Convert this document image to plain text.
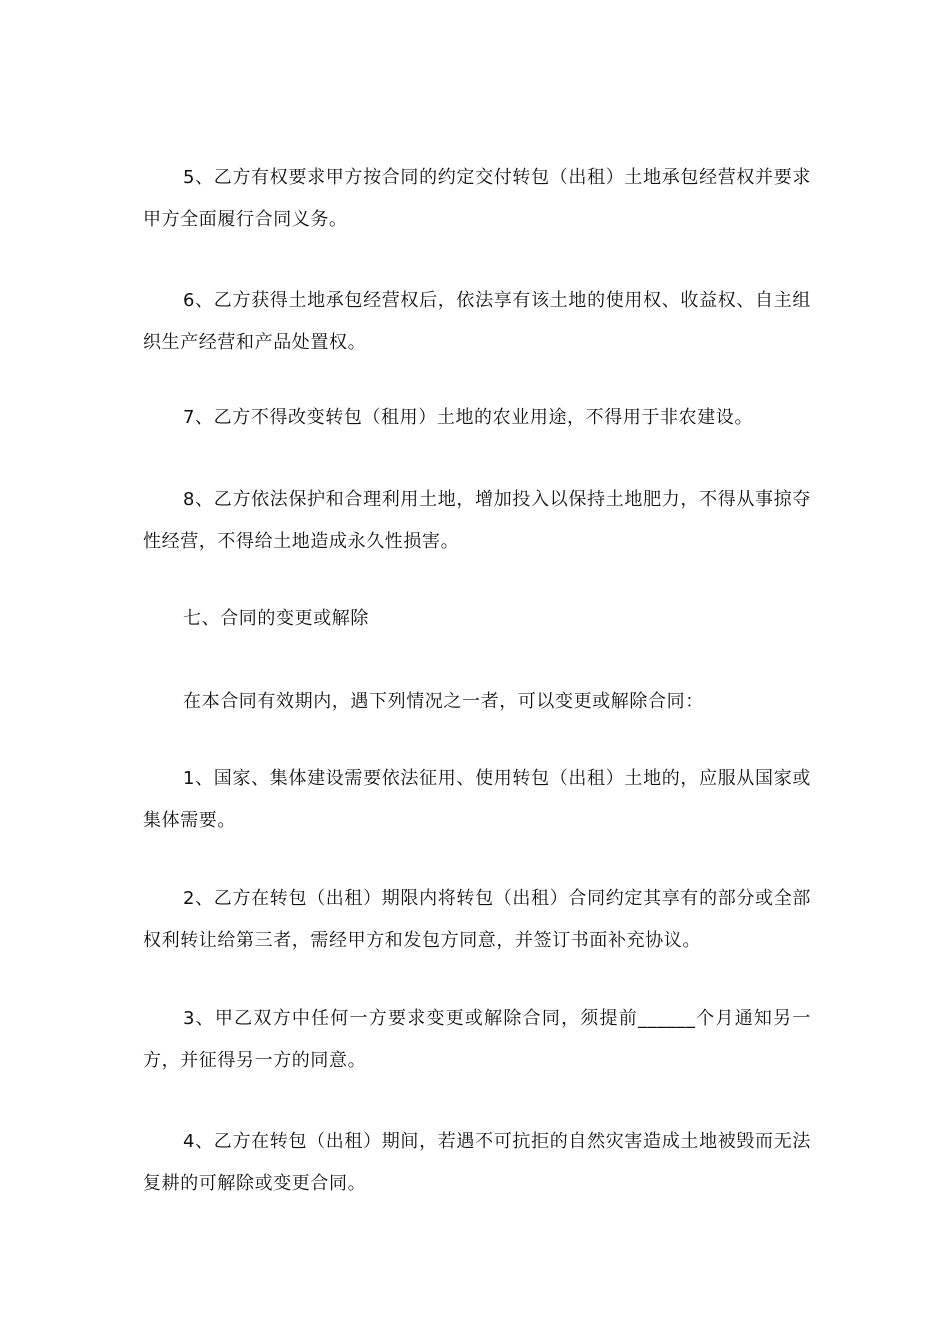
5、乙方有权要求甲方按合同的约定交付转包（出租）土地承包经营权并要求甲方全面履行合同义务。

6、乙方获得土地承包经营权后，依法享有该土地的使用权、收益权、自主组织生产经营和产品处置权。

7、乙方不得改变转包（租用）土地的农业用途，不得用于非农建设。

8、乙方依法保护和合理利用土地，增加投入以保持土地肥力，不得从事掠夺性经营，不得给土地造成永久性损害。

七、合同的变更或解除

在本合同有效期内，遇下列情况之一者，可以变更或解除合同：

1、国家、集体建设需要依法征用、使用转包（出租）土地的，应服从国家或集体需要。

2、乙方在转包（出租）期限内将转包（出租）合同约定其享有的部分或全部权利转让给第三者，需经甲方和发包方同意，并签订书面补充协议。

3、甲乙双方中任何一方要求变更或解除合同，须提前______个月通知另一方，并征得另一方的同意。

4、乙方在转包（出租）期间，若遇不可抗拒的自然灾害造成土地被毁而无法复耕的可解除或变更合同。
